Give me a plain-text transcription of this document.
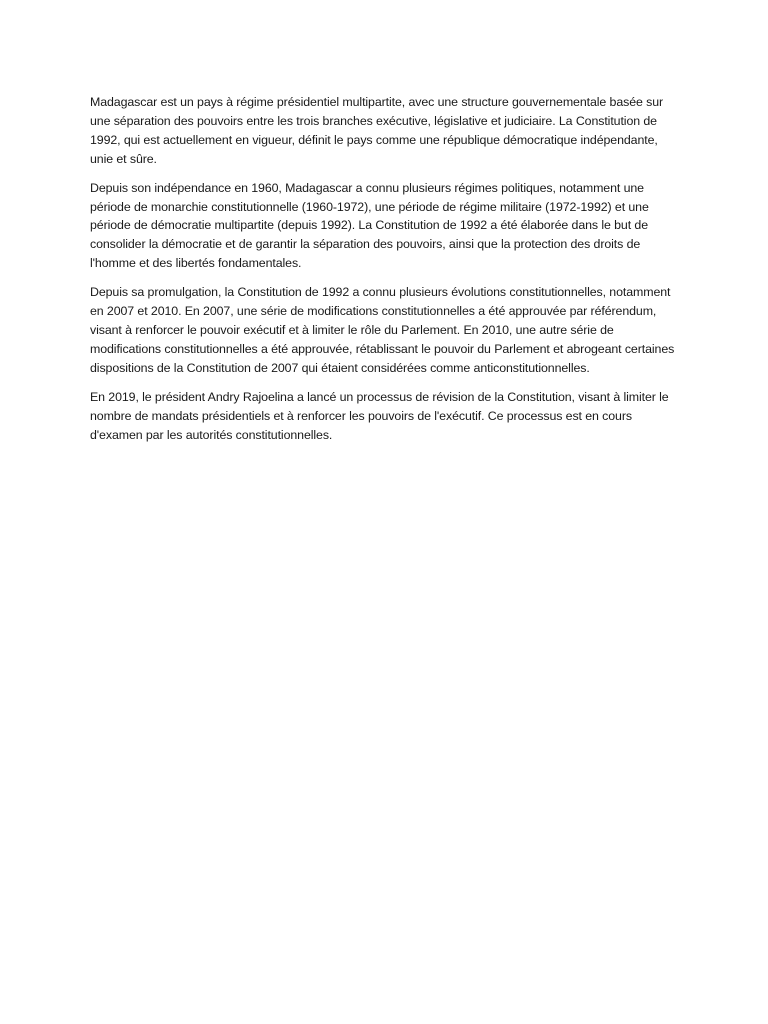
Madagascar est un pays à régime présidentiel multipartite, avec une structure gouvernementale basée sur une séparation des pouvoirs entre les trois branches exécutive, législative et judiciaire. La Constitution de 1992, qui est actuellement en vigueur, définit le pays comme une république démocratique indépendante, unie et sûre.

Depuis son indépendance en 1960, Madagascar a connu plusieurs régimes politiques, notamment une période de monarchie constitutionnelle (1960-1972), une période de régime militaire (1972-1992) et une période de démocratie multipartite (depuis 1992). La Constitution de 1992 a été élaborée dans le but de consolider la démocratie et de garantir la séparation des pouvoirs, ainsi que la protection des droits de l'homme et des libertés fondamentales.

Depuis sa promulgation, la Constitution de 1992 a connu plusieurs évolutions constitutionnelles, notamment en 2007 et 2010. En 2007, une série de modifications constitutionnelles a été approuvée par référendum, visant à renforcer le pouvoir exécutif et à limiter le rôle du Parlement. En 2010, une autre série de modifications constitutionnelles a été approuvée, rétablissant le pouvoir du Parlement et abrogeant certaines dispositions de la Constitution de 2007 qui étaient considérées comme anticonstitutionnelles.

En 2019, le président Andry Rajoelina a lancé un processus de révision de la Constitution, visant à limiter le nombre de mandats présidentiels et à renforcer les pouvoirs de l'exécutif. Ce processus est en cours d'examen par les autorités constitutionnelles.
